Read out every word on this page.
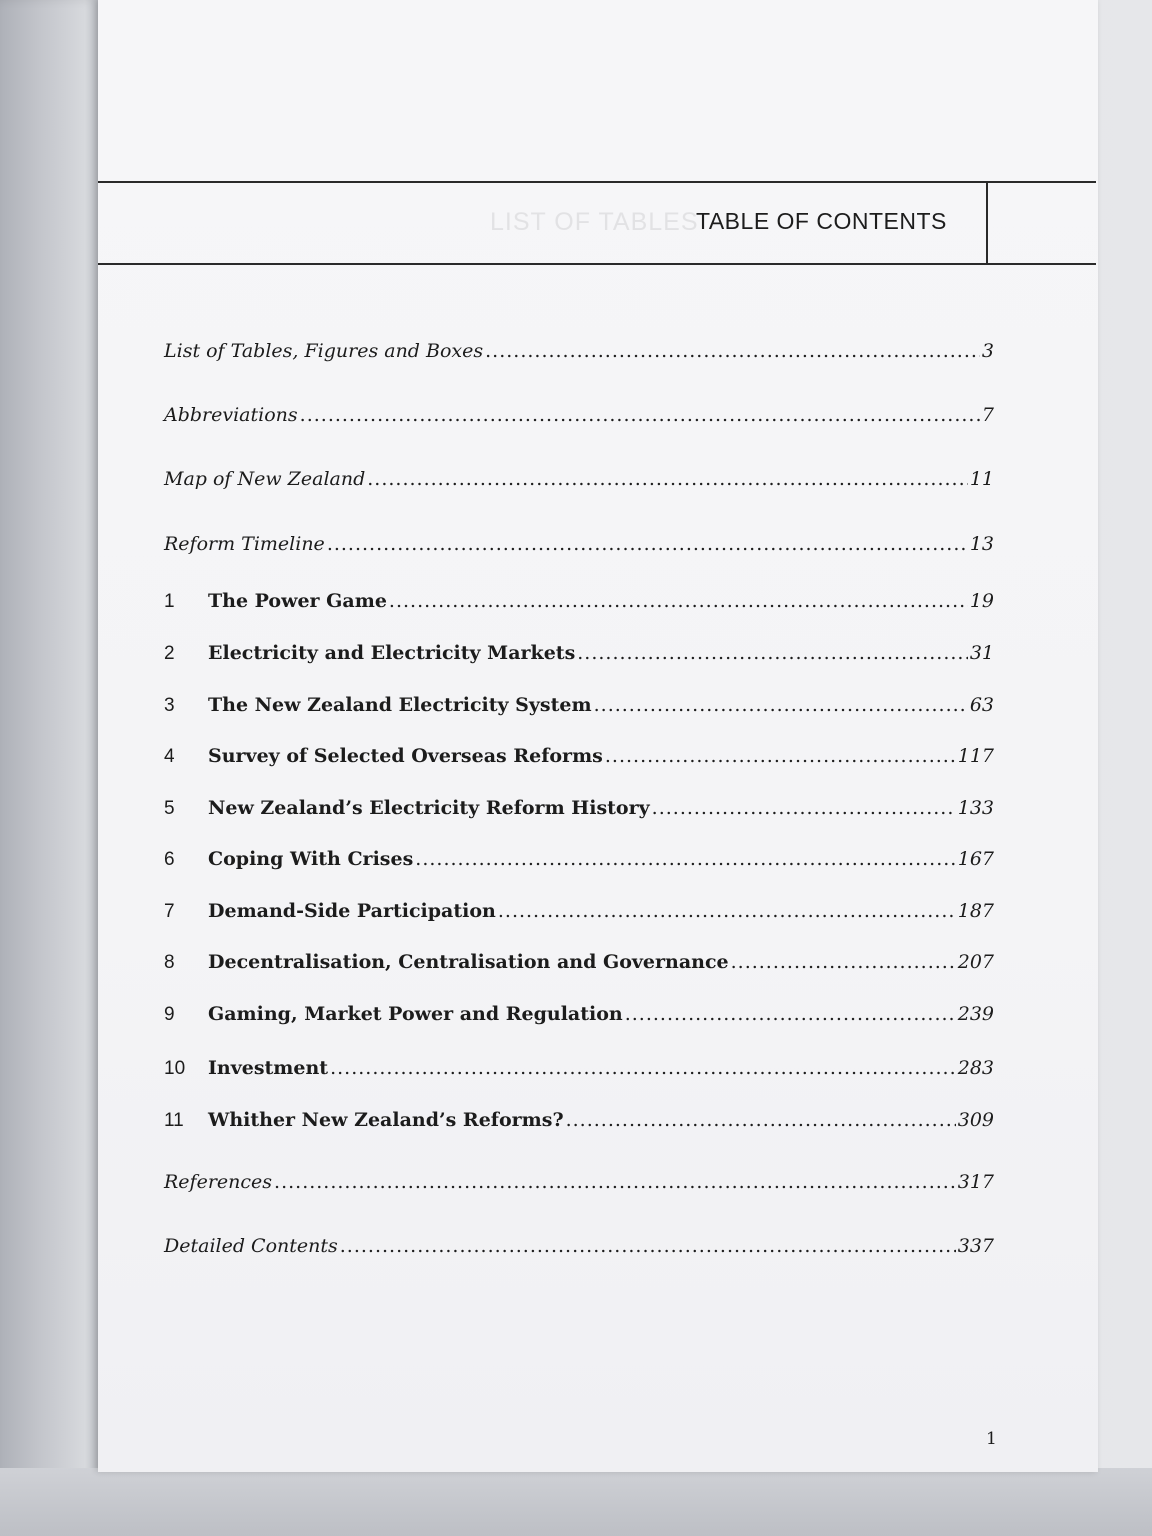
LIST OF TABLES
TABLE OF CONTENTS
List of Tables, Figures and Boxes .....	3
Abbreviations .....	7
Map of New Zealand .....	11
Reform Timeline .....	13
1	The Power Game .....	19
2	Electricity and Electricity Markets .....	31
3	The New Zealand Electricity System .....	63
4	Survey of Selected Overseas Reforms .....	117
5	New Zealand’s Electricity Reform History .....	133
6	Coping With Crises .....	167
7	Demand-Side Participation .....	187
8	Decentralisation, Centralisation and Governance .....	207
9	Gaming, Market Power and Regulation .....	239
10	Investment .....	283
11	Whither New Zealand’s Reforms? .....	309
References .....	317
Detailed Contents .....	337
1
